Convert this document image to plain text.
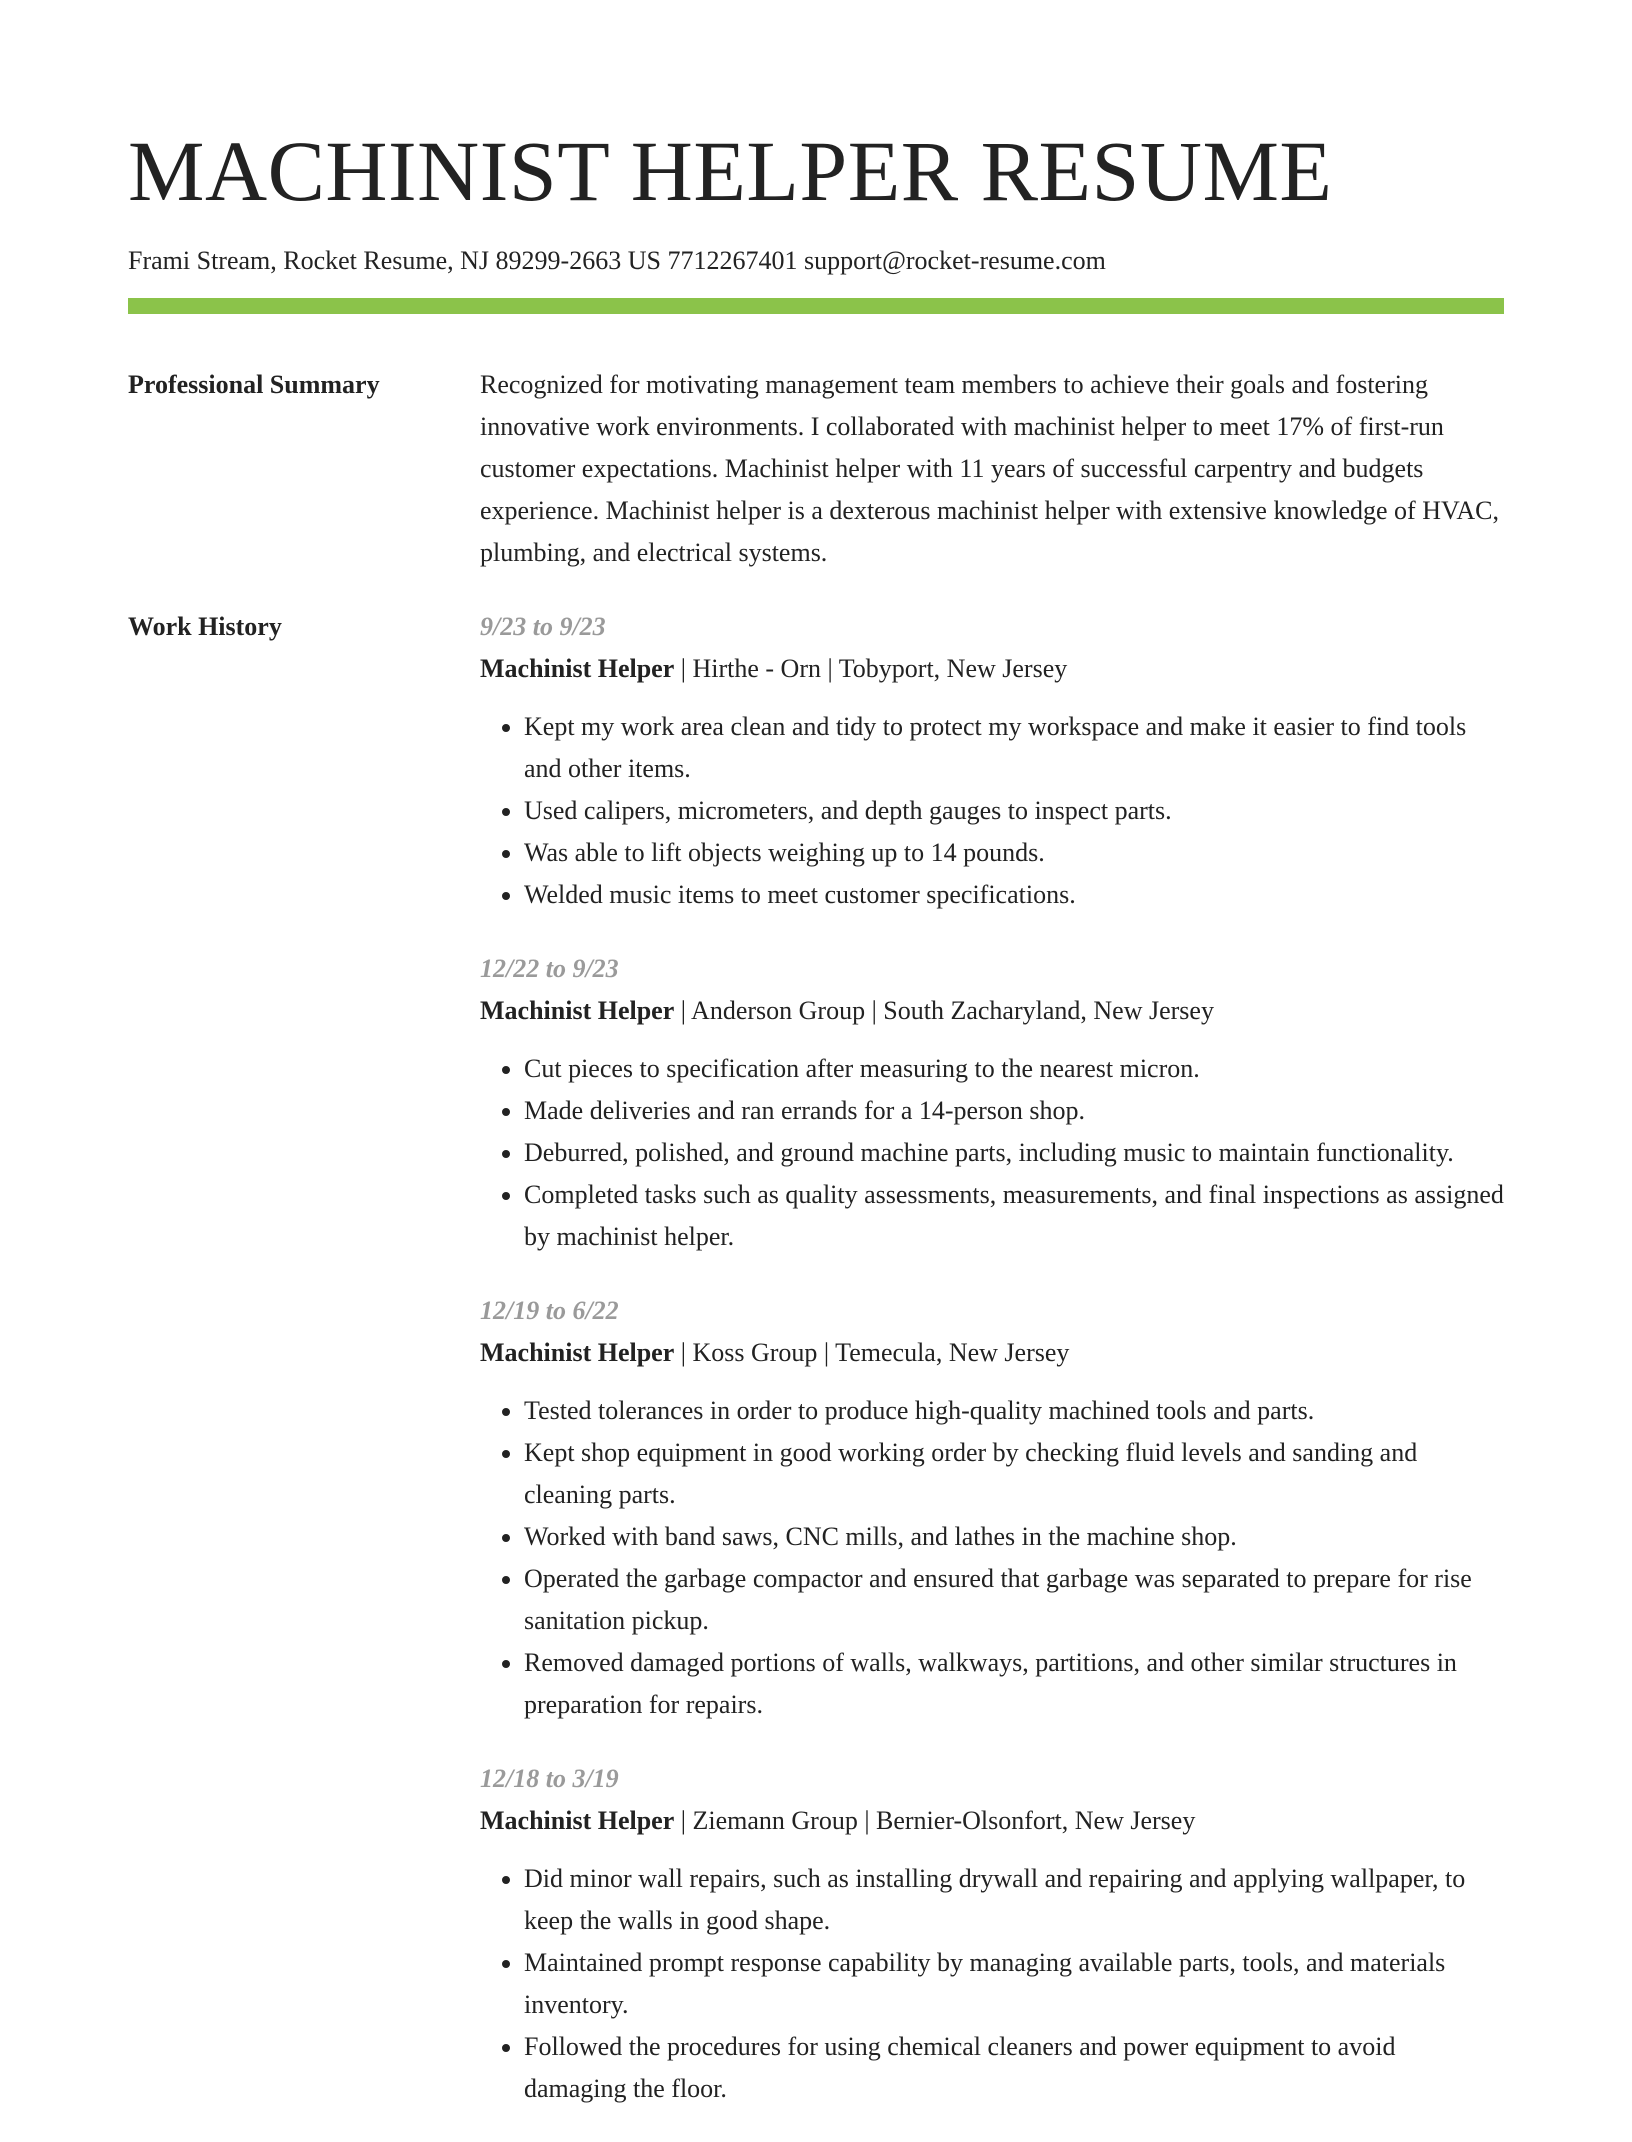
MACHINIST HELPER RESUME
Frami Stream, Rocket Resume, NJ 89299-2663 US 7712267401 support@rocket-resume.com
Professional Summary	Recognized for motivating management team members to achieve their goals and fostering innovative work environments. I collaborated with machinist helper to meet 17% of first-run customer expectations. Machinist helper with 11 years of successful carpentry and budgets experience. Machinist helper is a dexterous machinist helper with extensive knowledge of HVAC, plumbing, and electrical systems.

Work History	9/23 to 9/23
Machinist Helper | Hirthe - Orn | Tobyport, New Jersey
• Kept my work area clean and tidy to protect my workspace and make it easier to find tools and other items.
• Used calipers, micrometers, and depth gauges to inspect parts.
• Was able to lift objects weighing up to 14 pounds.
• Welded music items to meet customer specifications.
12/22 to 9/23
Machinist Helper | Anderson Group | South Zacharyland, New Jersey
• Cut pieces to specification after measuring to the nearest micron.
• Made deliveries and ran errands for a 14-person shop.
• Deburred, polished, and ground machine parts, including music to maintain functionality.
• Completed tasks such as quality assessments, measurements, and final inspections as assigned by machinist helper.
12/19 to 6/22
Machinist Helper | Koss Group | Temecula, New Jersey
• Tested tolerances in order to produce high-quality machined tools and parts.
• Kept shop equipment in good working order by checking fluid levels and sanding and cleaning parts.
• Worked with band saws, CNC mills, and lathes in the machine shop.
• Operated the garbage compactor and ensured that garbage was separated to prepare for rise sanitation pickup.
• Removed damaged portions of walls, walkways, partitions, and other similar structures in preparation for repairs.
12/18 to 3/19
Machinist Helper | Ziemann Group | Bernier-Olsonfort, New Jersey
• Did minor wall repairs, such as installing drywall and repairing and applying wallpaper, to keep the walls in good shape.
• Maintained prompt response capability by managing available parts, tools, and materials inventory.
• Followed the procedures for using chemical cleaners and power equipment to avoid damaging the floor.
